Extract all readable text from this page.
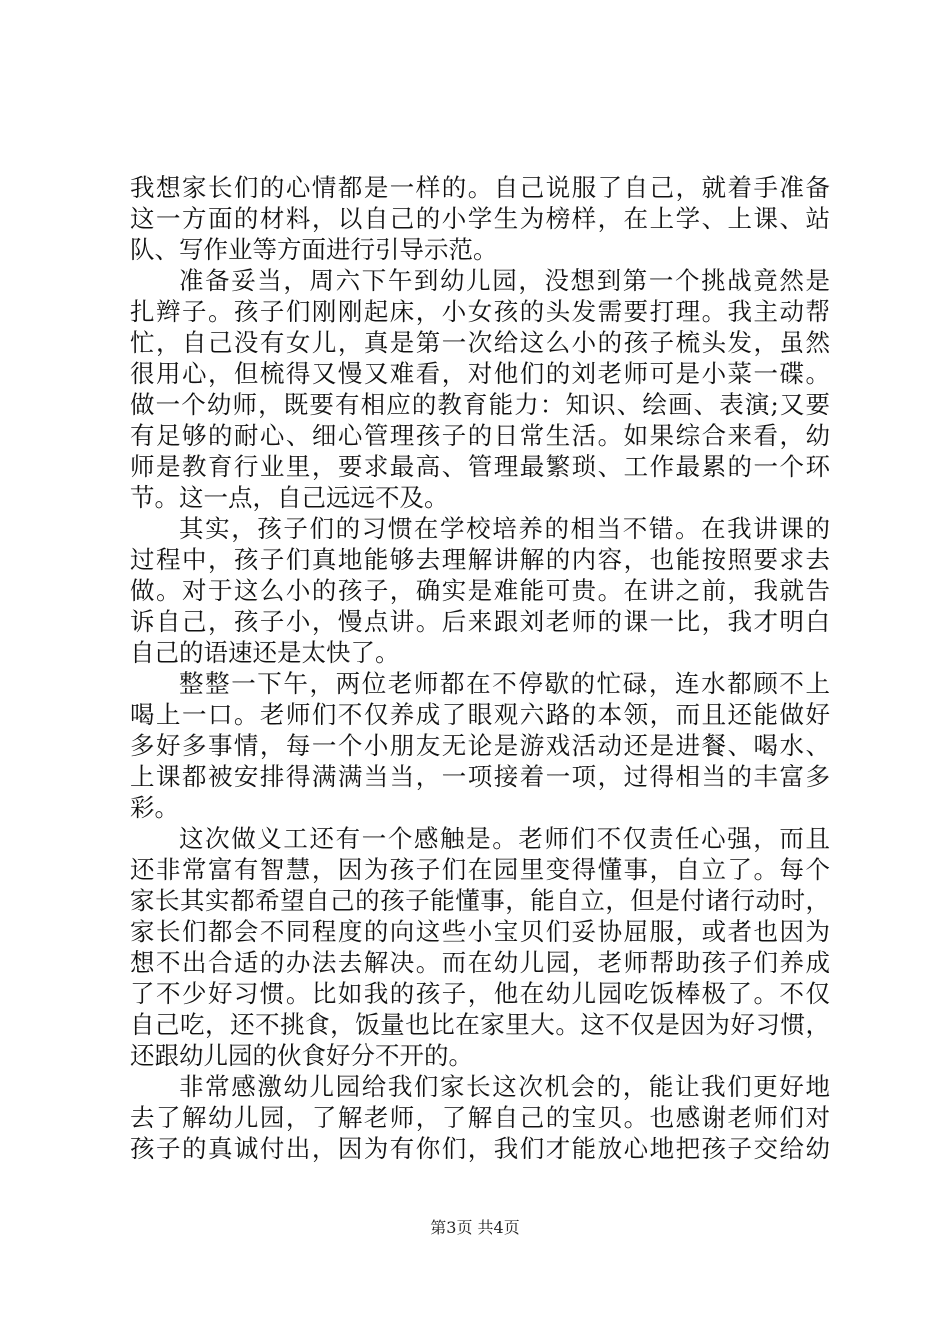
我想家长们的心情都是一样的。自己说服了自己，就着手准备
这一方面的材料，以自己的小学生为榜样，在上学、上课、站
队、写作业等方面进行引导示范。
准备妥当，周六下午到幼儿园，没想到第一个挑战竟然是
扎辫子。孩子们刚刚起床，小女孩的头发需要打理。我主动帮
忙，自己没有女儿，真是第一次给这么小的孩子梳头发，虽然
很用心，但梳得又慢又难看，对他们的刘老师可是小菜一碟。
做一个幼师，既要有相应的教育能力：知识、绘画、表演;又要
有足够的耐心、细心管理孩子的日常生活。如果综合来看，幼
师是教育行业里，要求最高、管理最繁琐、工作最累的一个环
节。这一点，自己远远不及。
其实，孩子们的习惯在学校培养的相当不错。在我讲课的
过程中，孩子们真地能够去理解讲解的内容，也能按照要求去
做。对于这么小的孩子，确实是难能可贵。在讲之前，我就告
诉自己，孩子小，慢点讲。后来跟刘老师的课一比，我才明白
自己的语速还是太快了。
整整一下午，两位老师都在不停歇的忙碌，连水都顾不上
喝上一口。老师们不仅养成了眼观六路的本领，而且还能做好
多好多事情，每一个小朋友无论是游戏活动还是进餐、喝水、
上课都被安排得满满当当，一项接着一项，过得相当的丰富多
彩。
这次做义工还有一个感触是。老师们不仅责任心强，而且
还非常富有智慧，因为孩子们在园里变得懂事，自立了。每个
家长其实都希望自己的孩子能懂事，能自立，但是付诸行动时，
家长们都会不同程度的向这些小宝贝们妥协屈服，或者也因为
想不出合适的办法去解决。而在幼儿园，老师帮助孩子们养成
了不少好习惯。比如我的孩子，他在幼儿园吃饭棒极了。不仅
自己吃，还不挑食，饭量也比在家里大。这不仅是因为好习惯，
还跟幼儿园的伙食好分不开的。
非常感激幼儿园给我们家长这次机会的，能让我们更好地
去了解幼儿园，了解老师，了解自己的宝贝。也感谢老师们对
孩子的真诚付出，因为有你们，我们才能放心地把孩子交给幼
第3页 共4页
